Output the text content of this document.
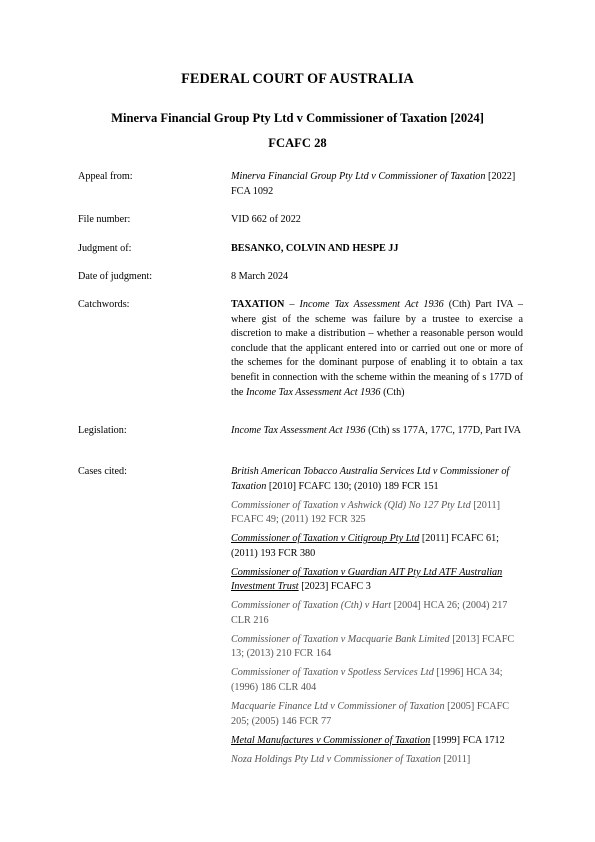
FEDERAL COURT OF AUSTRALIA
Minerva Financial Group Pty Ltd v Commissioner of Taxation [2024]
FCAFC 28
Appeal from:	Minerva Financial Group Pty Ltd v Commissioner of Taxation [2022] FCA 1092
File number:	VID 662 of 2022
Judgment of:	BESANKO, COLVIN AND HESPE JJ
Date of judgment:	8 March 2024
Catchwords:	TAXATION – Income Tax Assessment Act 1936 (Cth) Part IVA – where gist of the scheme was failure by a trustee to exercise a discretion to make a distribution – whether a reasonable person would conclude that the applicant entered into or carried out one or more of the schemes for the dominant purpose of enabling it to obtain a tax benefit in connection with the scheme within the meaning of s 177D of the Income Tax Assessment Act 1936 (Cth)
Legislation:	Income Tax Assessment Act 1936 (Cth) ss 177A, 177C, 177D, Part IVA
Cases cited:	British American Tobacco Australia Services Ltd v Commissioner of Taxation [2010] FCAFC 130; (2010) 189 FCR 151
Commissioner of Taxation v Ashwick (Qld) No 127 Pty Ltd [2011] FCAFC 49; (2011) 192 FCR 325
Commissioner of Taxation v Citigroup Pty Ltd [2011] FCAFC 61; (2011) 193 FCR 380
Commissioner of Taxation v Guardian AIT Pty Ltd ATF Australian Investment Trust [2023] FCAFC 3
Commissioner of Taxation (Cth) v Hart [2004] HCA 26; (2004) 217 CLR 216
Commissioner of Taxation v Macquarie Bank Limited [2013] FCAFC 13; (2013) 210 FCR 164
Commissioner of Taxation v Spotless Services Ltd [1996] HCA 34; (1996) 186 CLR 404
Macquarie Finance Ltd v Commissioner of Taxation [2005] FCAFC 205; (2005) 146 FCR 77
Metal Manufactures v Commissioner of Taxation [1999] FCA 1712
Noza Holdings Pty Ltd v Commissioner of Taxation [2011]
